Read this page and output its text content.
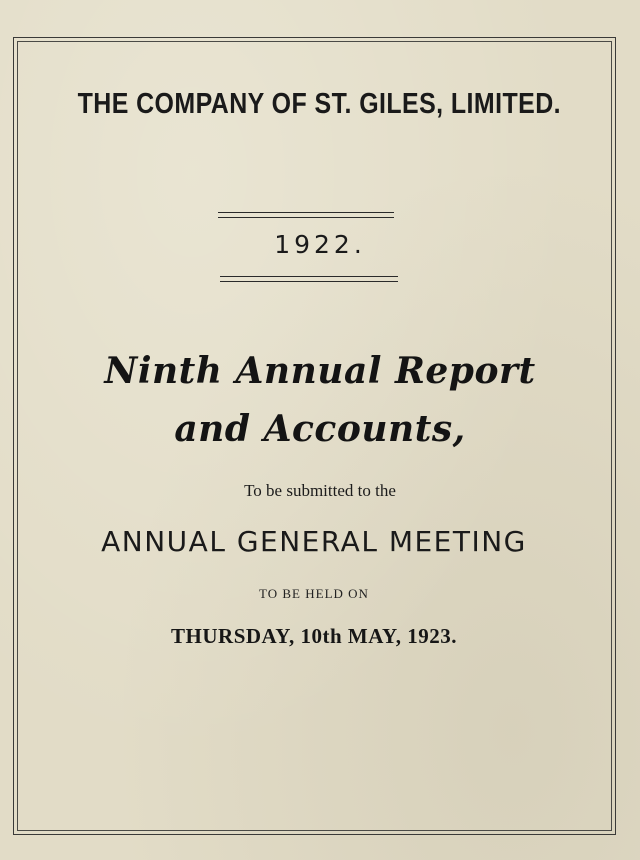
THE COMPANY OF ST. GILES, LIMITED.
1922.
Ninth Annual Report
and Accounts,
To be submitted to the
ANNUAL GENERAL MEETING
TO BE HELD ON
THURSDAY, 10th MAY, 1923.
